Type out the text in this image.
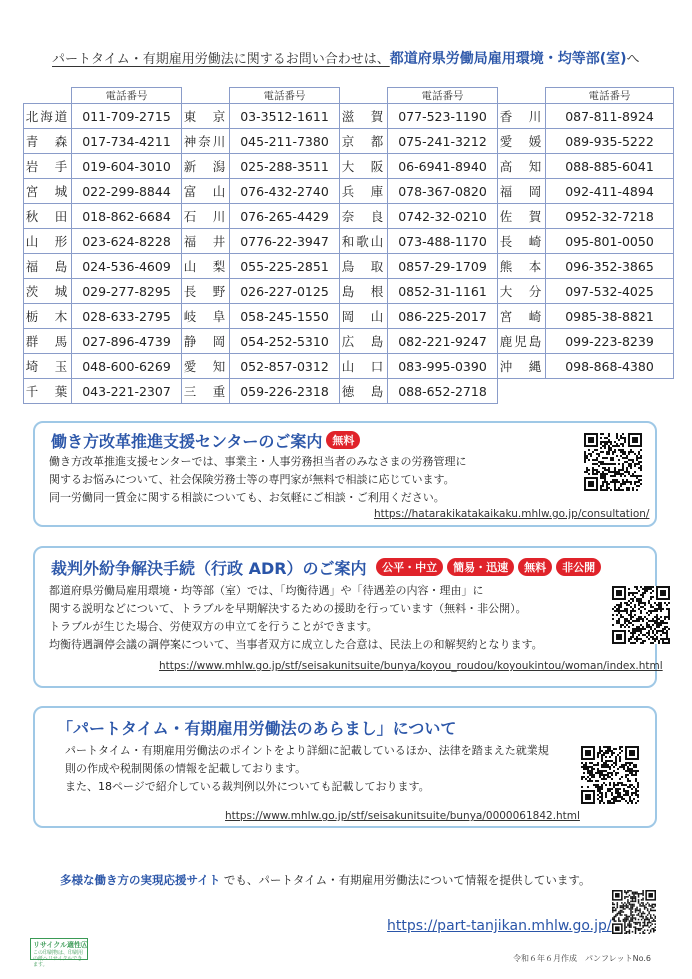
パートタイム・有期雇用労働法に関するお問い合わせは、都道府県労働局雇用環境・均等部(室)へ
	電話番号		電話番号		電話番号		電話番号
北海道	011-709-2715	東　京	03-3512-1611	滋　賀	077-523-1190	香　川	087-811-8924
青　森	017-734-4211	神奈川	045-211-7380	京　都	075-241-3212	愛　媛	089-935-5222
岩　手	019-604-3010	新　潟	025-288-3511	大　阪	06-6941-8940	高　知	088-885-6041
宮　城	022-299-8844	富　山	076-432-2740	兵　庫	078-367-0820	福　岡	092-411-4894
秋　田	018-862-6684	石　川	076-265-4429	奈　良	0742-32-0210	佐　賀	0952-32-7218
山　形	023-624-8228	福　井	0776-22-3947	和歌山	073-488-1170	長　崎	095-801-0050
福　島	024-536-4609	山　梨	055-225-2851	鳥　取	0857-29-1709	熊　本	096-352-3865
茨　城	029-277-8295	長　野	026-227-0125	島　根	0852-31-1161	大　分	097-532-4025
栃　木	028-633-2795	岐　阜	058-245-1550	岡　山	086-225-2017	宮　崎	0985-38-8821
群　馬	027-896-4739	静　岡	054-252-5310	広　島	082-221-9247	鹿児島	099-223-8239
埼　玉	048-600-6269	愛　知	052-857-0312	山　口	083-995-0390	沖　縄	098-868-4380
千　葉	043-221-2307	三　重	059-226-2318	徳　島	088-652-2718		
働き方改革推進支援センターのご案内 無料
働き方改革推進支援センターでは、事業主・人事労務担当者のみなさまの労務管理に
関するお悩みについて、社会保険労務士等の専門家が無料で相談に応じています。
同一労働同一賃金に関する相談についても、お気軽にご相談・ご利用ください。
https://hatarakikatakaikaku.mhlw.go.jp/consultation/
裁判外紛争解決手続（行政 ADR）のご案内 公平・中立 簡易・迅速 無料 非公開
都道府県労働局雇用環境・均等部（室）では、「均衡待遇」や「待遇差の内容・理由」に
関する説明などについて、トラブルを早期解決するための援助を行っています（無料・非公開）。
トラブルが生じた場合、労使双方の申立てを行うことができます。
均衡待遇調停会議の調停案について、当事者双方に成立した合意は、民法上の和解契約となります。
https://www.mhlw.go.jp/stf/seisakunitsuite/bunya/koyou_roudou/koyoukintou/woman/index.html
「パートタイム・有期雇用労働法のあらまし」について
パートタイム・有期雇用労働法のポイントをより詳細に記載しているほか、法律を踏まえた就業規
則の作成や税制関係の情報を記載しております。
また、18ページで紹介している裁判例以外についても記載しております。
https://www.mhlw.go.jp/stf/seisakunitsuite/bunya/0000061842.html
多様な働き方の実現応援サイト でも、パートタイム・有期雇用労働法について情報を提供しています。
https://part-tanjikan.mhlw.go.jp/
リサイクル適性Ⓐ
この印刷物は、印刷用の紙へリサイクルできます。
令和６年６月作成　パンフレットNo.6
